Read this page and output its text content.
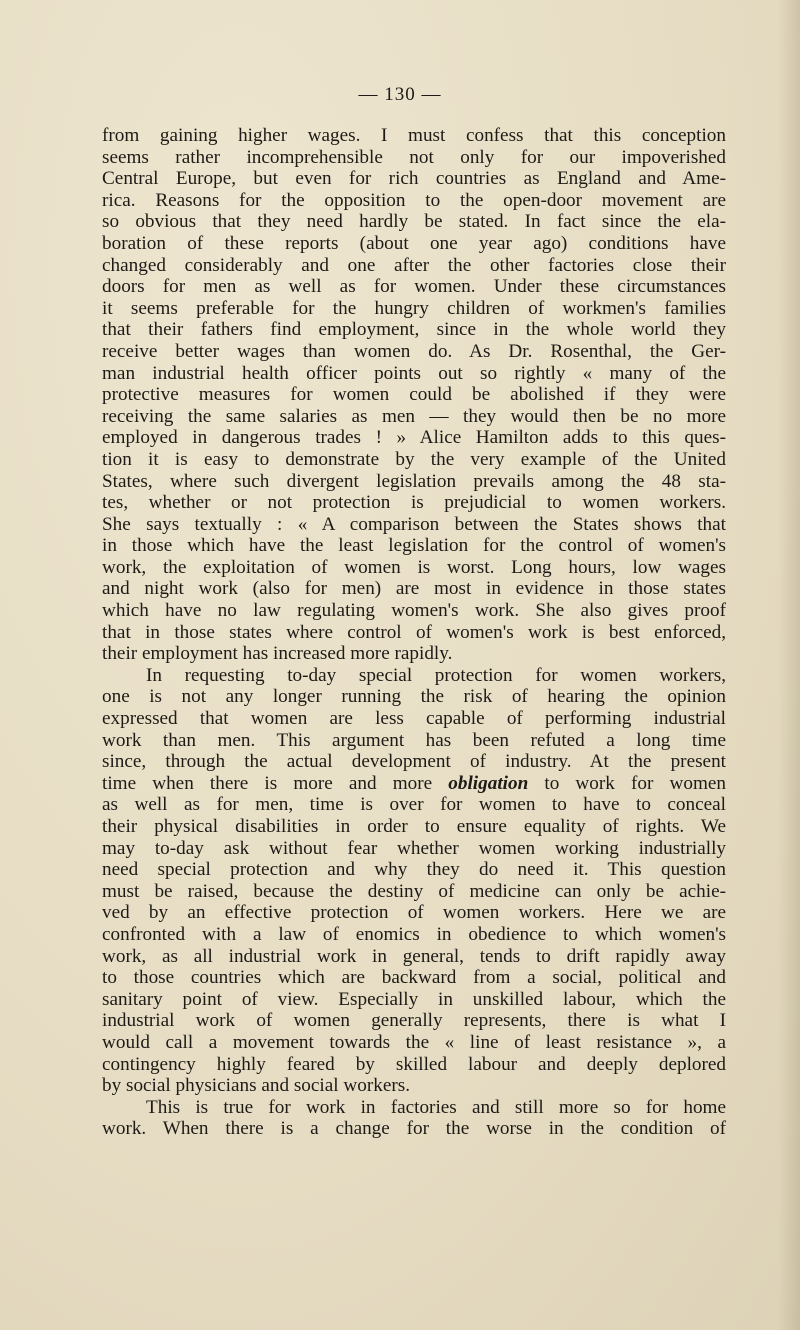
— 130 —
from gaining higher wages. I must confess that this conception
seems rather incomprehensible not only for our impoverished
Central Europe, but even for rich countries as England and Ame-
rica. Reasons for the opposition to the open-door movement are
so obvious that they need hardly be stated. In fact since the ela-
boration of these reports (about one year ago) conditions have
changed considerably and one after the other factories close their
doors for men as well as for women. Under these circumstances
it seems preferable for the hungry children of workmen's families
that their fathers find employment, since in the whole world they
receive better wages than women do. As Dr. Rosenthal, the Ger-
man industrial health officer points out so rightly « many of the
protective measures for women could be abolished if they were
receiving the same salaries as men — they would then be no more
employed in dangerous trades ! » Alice Hamilton adds to this ques-
tion it is easy to demonstrate by the very example of the United
States, where such divergent legislation prevails among the 48 sta-
tes, whether or not protection is prejudicial to women workers.
She says textually : « A comparison between the States shows that
in those which have the least legislation for the control of women's
work, the exploitation of women is worst. Long hours, low wages
and night work (also for men) are most in evidence in those states
which have no law regulating women's work. She also gives proof
that in those states where control of women's work is best enforced,
their employment has increased more rapidly.
In requesting to-day special protection for women workers,
one is not any longer running the risk of hearing the opinion
expressed that women are less capable of performing industrial
work than men. This argument has been refuted a long time
since, through the actual development of industry. At the present
time when there is more and more obligation to work for women
as well as for men, time is over for women to have to conceal
their physical disabilities in order to ensure equality of rights. We
may to-day ask without fear whether women working industrially
need special protection and why they do need it. This question
must be raised, because the destiny of medicine can only be achie-
ved by an effective protection of women workers. Here we are
confronted with a law of enomics in obedience to which women's
work, as all industrial work in general, tends to drift rapidly away
to those countries which are backward from a social, political and
sanitary point of view. Especially in unskilled labour, which the
industrial work of women generally represents, there is what I
would call a movement towards the « line of least resistance », a
contingency highly feared by skilled labour and deeply deplored
by social physicians and social workers.
This is true for work in factories and still more so for home
work. When there is a change for the worse in the condition of
